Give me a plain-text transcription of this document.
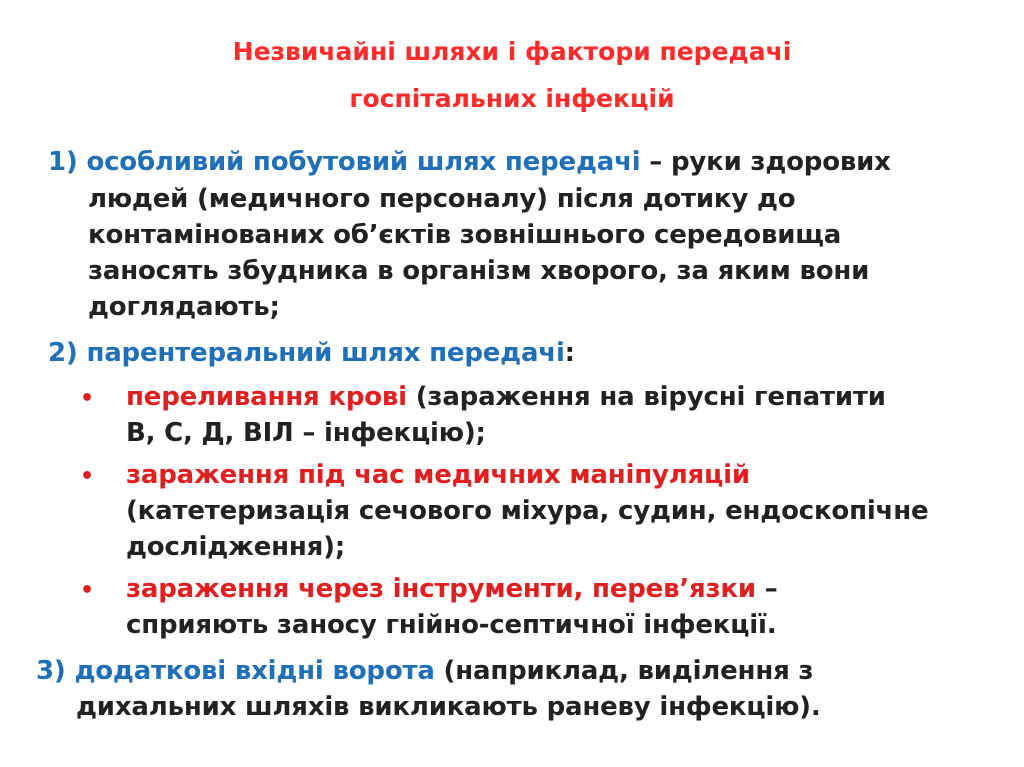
Незвичайні шляхи і фактори передачі
госпітальних інфекцій
1) особливий побутовий шлях передачі – руки здорових
людей (медичного персоналу) після дотику до
контамінованих об’єктів зовнішнього середовища
заносять збудника в організм хворого, за яким вони
доглядають;
2) парентеральний шлях передачі:
• переливання крові (зараження на вірусні гепатити
В, С, Д, ВІЛ – інфекцію);
• зараження під час медичних маніпуляцій
(катетеризація сечового міхура, судин, ендоскопічне
дослідження);
• зараження через інструменти, перев’язки –
сприяють заносу гнійно-септичної інфекції.
3) додаткові вхідні ворота (наприклад, виділення з
дихальних шляхів викликають раневу інфекцію).
